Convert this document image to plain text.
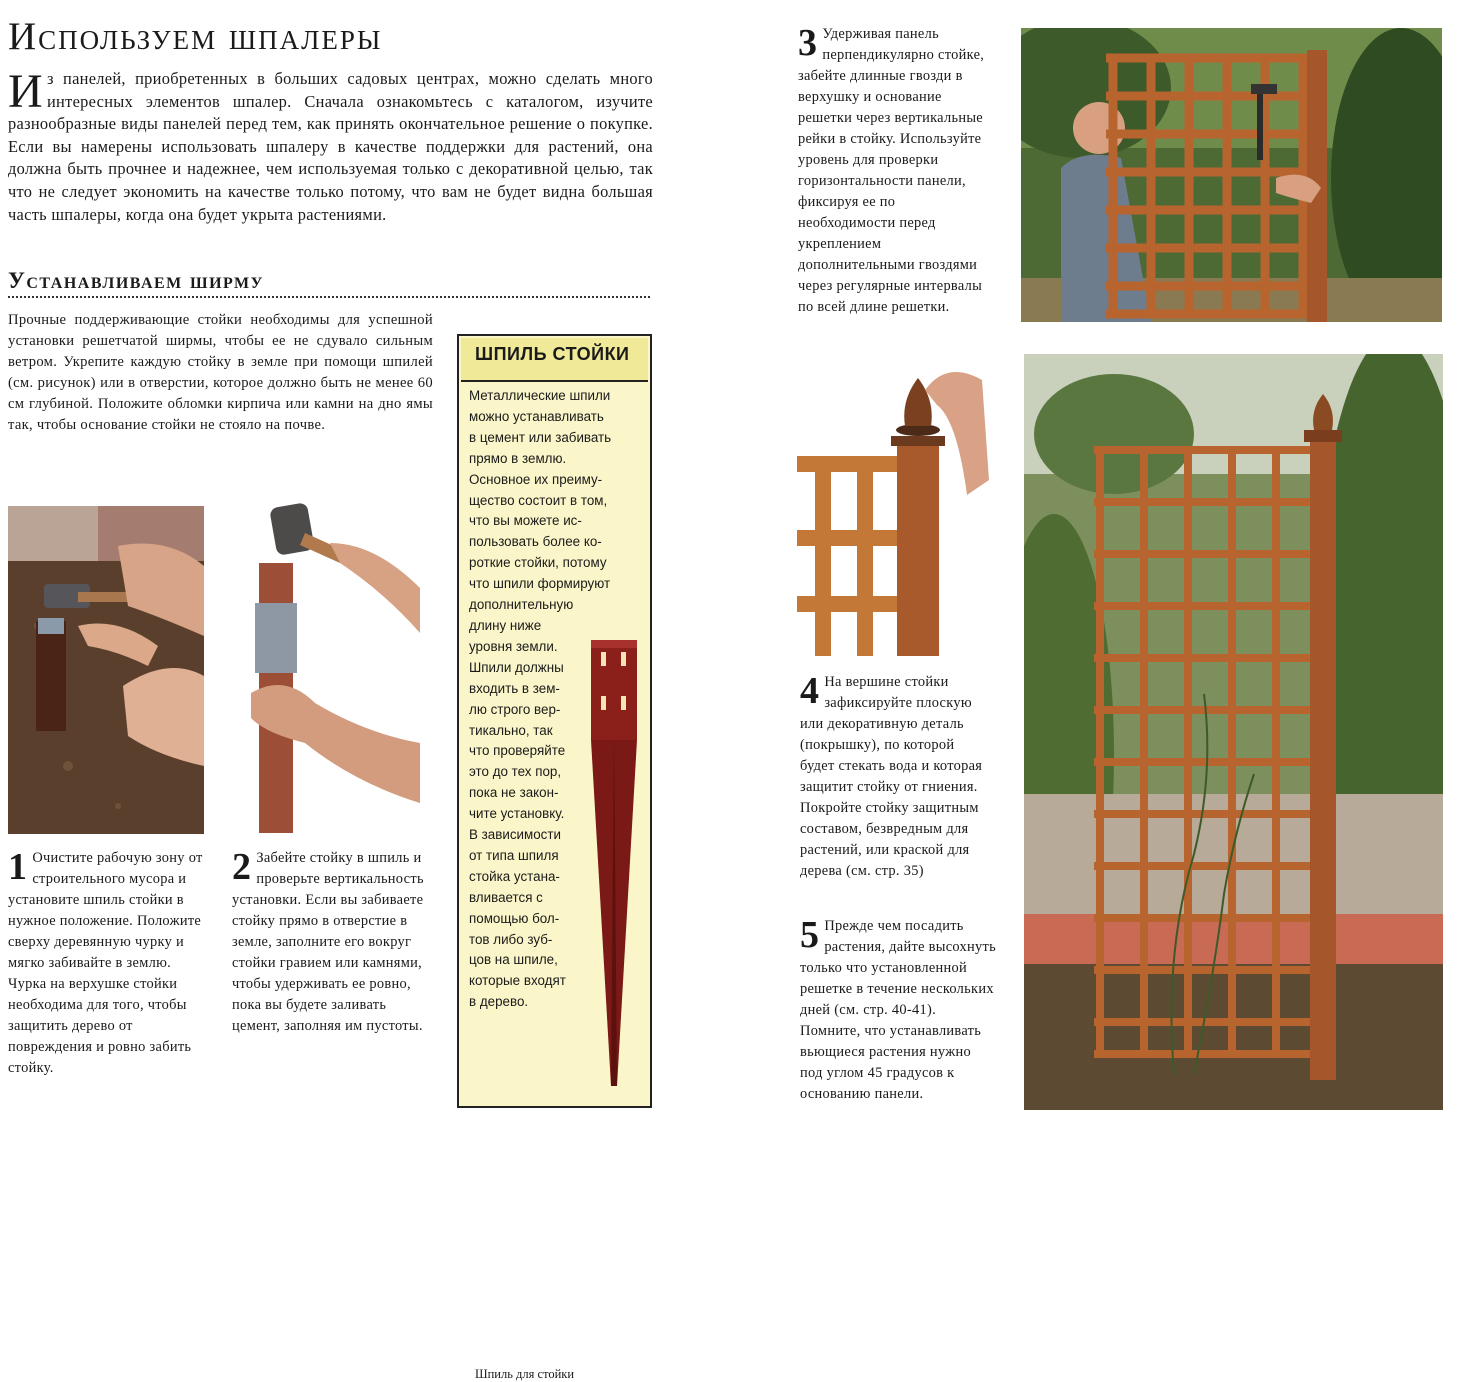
Используем шпалеры

Из панелей, приобретенных в больших садовых центрах, можно сделать много интересных элементов шпалер. Сначала ознакомьтесь с каталогом, изучите разнообразные виды панелей перед тем, как принять окончательное решение о покупке. Если вы намерены использовать шпалеру в качестве поддержки для растений, она должна быть прочнее и надежнее, чем используемая только с декоративной целью, так что не следует экономить на качестве только потому, что вам не будет видна большая часть шпалеры, когда она будет укрыта растениями.

Устанавливаем ширму

Прочные поддерживающие стойки необходимы для успешной установки решетчатой ширмы, чтобы ее не сдувало сильным ветром. Укрепите каждую стойку в земле при помощи шпилей (см. рисунок) или в отверстии, которое должно быть не менее 60 см глубиной. Положите обломки кирпича или камни на дно ямы так, чтобы основание стойки не стояло на почве.

1 Очистите рабочую зону от строительного мусора и установите шпиль стойки в нужное положение. Положите сверху деревянную чурку и мягко забивайте в землю. Чурка на верхушке стойки необходима для того, чтобы защитить дерево от повреждения и ровно забить стойку.

2 Забейте стойку в шпиль и проверьте вертикальность установки. Если вы забиваете стойку прямо в отверстие в земле, заполните его вокруг стойки гравием или камнями, чтобы удерживать ее ровно, пока вы будете заливать цемент, заполняя им пустоты.

ШПИЛЬ СТОЙКИ

Металлические шпили
можно устанавливать
в цемент или забивать
прямо в землю.
Основное их преиму-
щество состоит в том,
что вы можете ис-
пользовать более ко-
роткие стойки, потому
что шпили формируют
дополнительную
длину ниже
уровня земли.
Шпили должны
входить в зем-
лю строго вер-
тикально, так
что проверяйте
это до тех пор,
пока не закон-
чите установку.
В зависимости
от типа шпиля
стойка устана-
вливается с
помощью бол-
тов либо зуб-
цов на шпиле,
которые входят
в дерево.

Шпиль для стойки

3 Удерживая панель перпендикулярно стойке, забейте длинные гвозди в верхушку и основание решетки через вертикальные рейки в стойку. Используйте уровень для проверки горизонтальности панели, фиксируя ее по необходимости перед укреплением дополнительными гвоздями через регулярные интервалы по всей длине решетки.

4 На вершине стойки зафиксируйте плоскую или декоративную деталь (покрышку), по которой будет стекать вода и которая защитит стойку от гниения. Покройте стойку защитным составом, безвредным для растений, или краской для дерева (см. стр. 35)

5 Прежде чем посадить растения, дайте высохнуть только что установленной решетке в течение нескольких дней (см. стр. 40-41). Помните, что устанавливать вьющиеся растения нужно под углом 45 градусов к основанию панели.
